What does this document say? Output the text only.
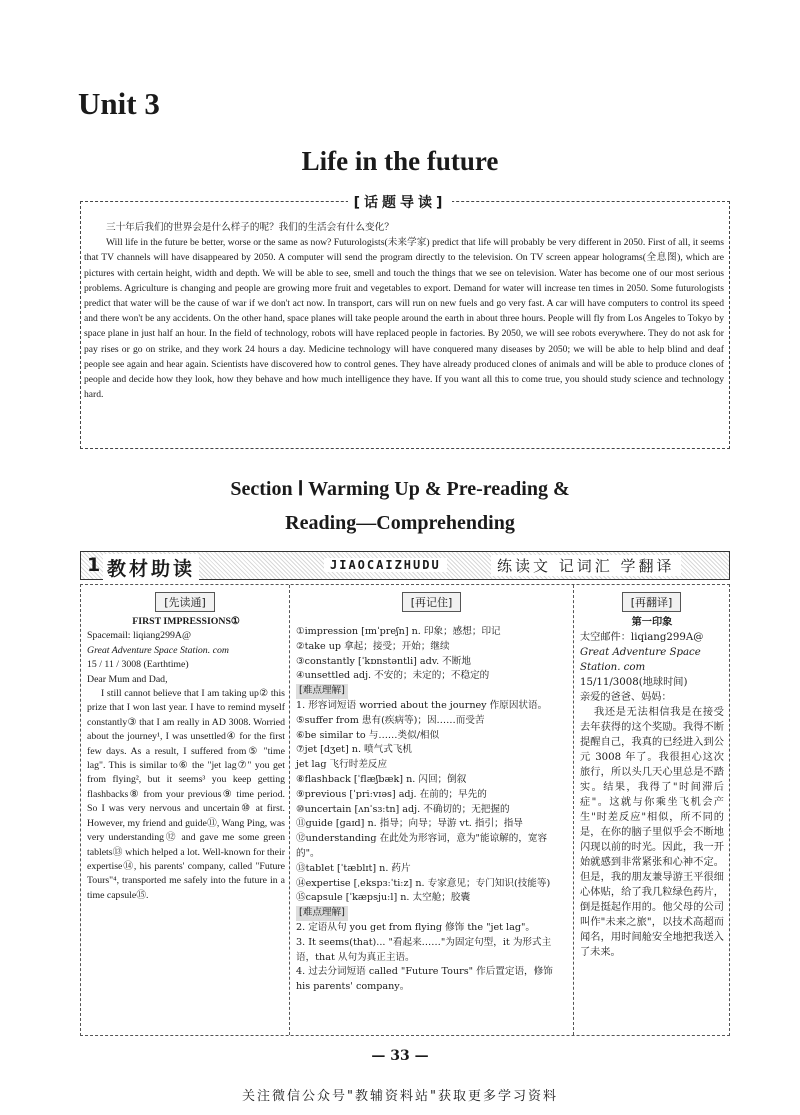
Unit 3
Life in the future
[话题导读]

三十年后我们的世界会是什么样子的呢？我们的生活会有什么变化？

Will life in the future be better, worse or the same as now? Futurologists(未来学家) predict that life will probably be very different in 2050. First of all, it seems that TV channels will have disappeared by 2050. A computer will send the program directly to the television. On TV screen appear holograms(全息图), which are pictures with certain height, width and depth. We will be able to see, smell and touch the things that we see on television. Water has become one of our most serious problems. Agriculture is changing and people are growing more fruit and vegetables to export. Demand for water will increase ten times in 2050. Some futurologists predict that water will be the cause of war if we don't act now. In transport, cars will run on new fuels and go very fast. A car will have computers to control its speed and there won't be any accidents. On the other hand, space planes will take people around the earth in about three hours. People will fly from Los Angeles to Tokyo by space plane in just half an hour. In the field of technology, robots will have replaced people in factories. By 2050, we will see robots everywhere. They do not ask for pay rises or go on strike, and they work 24 hours a day. Medicine technology will have conquered many diseases by 2050; we will be able to help blind and deaf people see again and hear again. Scientists have discovered how to control genes. They have already produced clones of animals and will be able to produce clones of people and decide how they look, how they behave and how much intelligence they have. If you want all this to come true, you should study science and technology hard.

Section Ⅰ Warming Up & Pre-reading &
Reading—Comprehending
1 教材助读	JIAOCAIZHUDU	练读文 记词汇 学翻译
[先读通]

FIRST IMPRESSIONS①

Spacemail: liqiang299A@

Great Adventure Space Station. com

15 / 11 / 3008 (Earthtime)

Dear Mum and Dad,

I still cannot believe that I am taking up② this prize that I won last year. I have to remind myself constantly③ that I am really in AD 3008. Worried about the journey¹, I was unsettled④ for the first few days. As a result, I suffered from⑤ "time lag". This is similar to⑥ the "jet lag⑦" you get from flying², but it seems³ you keep getting flashbacks⑧ from your previous⑨ time period. So I was very nervous and uncertain⑩ at first. However, my friend and guide⑪, Wang Ping, was very understanding⑫ and gave me some green tablets⑬ which helped a lot. Well-known for their expertise⑭, his parents' company, called "Future Tours"⁴, transported me safely into the future in a time capsule⑮.

[再记住]
①impression [ɪmˈpreʃn] n. 印象；感想；印记
②take up 拿起；接受；开始；继续
③constantly [ˈkɒnstəntli] adv. 不断地
④unsettled adj. 不安的；未定的；不稳定的
[难点理解]
1. 形容词短语 worried about the journey 作原因状语。
⑤suffer from 患有(疾病等)；因……而受苦
⑥be similar to 与……类似/相似
⑦jet [dʒet] n. 喷气式飞机
jet lag 飞行时差反应
⑧flashback [ˈflæʃbæk] n. 闪回；倒叙
⑨previous [ˈpriːvɪəs] adj. 在前的；早先的
⑩uncertain [ʌnˈsɜːtn] adj. 不确切的；无把握的
⑪guide [ɡaɪd] n. 指导；向导；导游 vt. 指引；指导
⑫understanding 在此处为形容词，意为"能谅解的，宽容的"。
⑬tablet [ˈtæblɪt] n. 药片
⑭expertise [ˌekspɜːˈtiːz] n. 专家意见；专门知识(技能等)
⑮capsule [ˈkæpsjuːl] n. 太空舱；胶囊
[难点理解]
2. 定语从句 you get from flying 修饰 the "jet lag"。
3. It seems(that)... "看起来……"为固定句型，it 为形式主语，that 从句为真正主语。
4. 过去分词短语 called "Future Tours" 作后置定语，修饰 his parents' company。
[再翻译]

第一印象

太空邮件：liqiang299A@

Great Adventure Space Station. com

15/11/3008(地球时间)

亲爱的爸爸、妈妈：

我还是无法相信我是在接受去年获得的这个奖励。我得不断提醒自己，我真的已经进入到公元 3008 年了。我很担心这次旅行，所以头几天心里总是不踏实。结果，我得了"时间滞后症"。这就与你乘坐飞机会产生"时差反应"相似，所不同的是，在你的脑子里似乎会不断地闪现以前的时光。因此，我一开始就感到非常紧张和心神不定。但是，我的朋友兼导游王平很细心体贴，给了我几粒绿色药片，倒是挺起作用的。他父母的公司叫作"未来之旅"，以技术高超而闻名，用时间舱安全地把我送入了未来。

— 33 —
关注微信公众号"教辅资料站"获取更多学习资料
